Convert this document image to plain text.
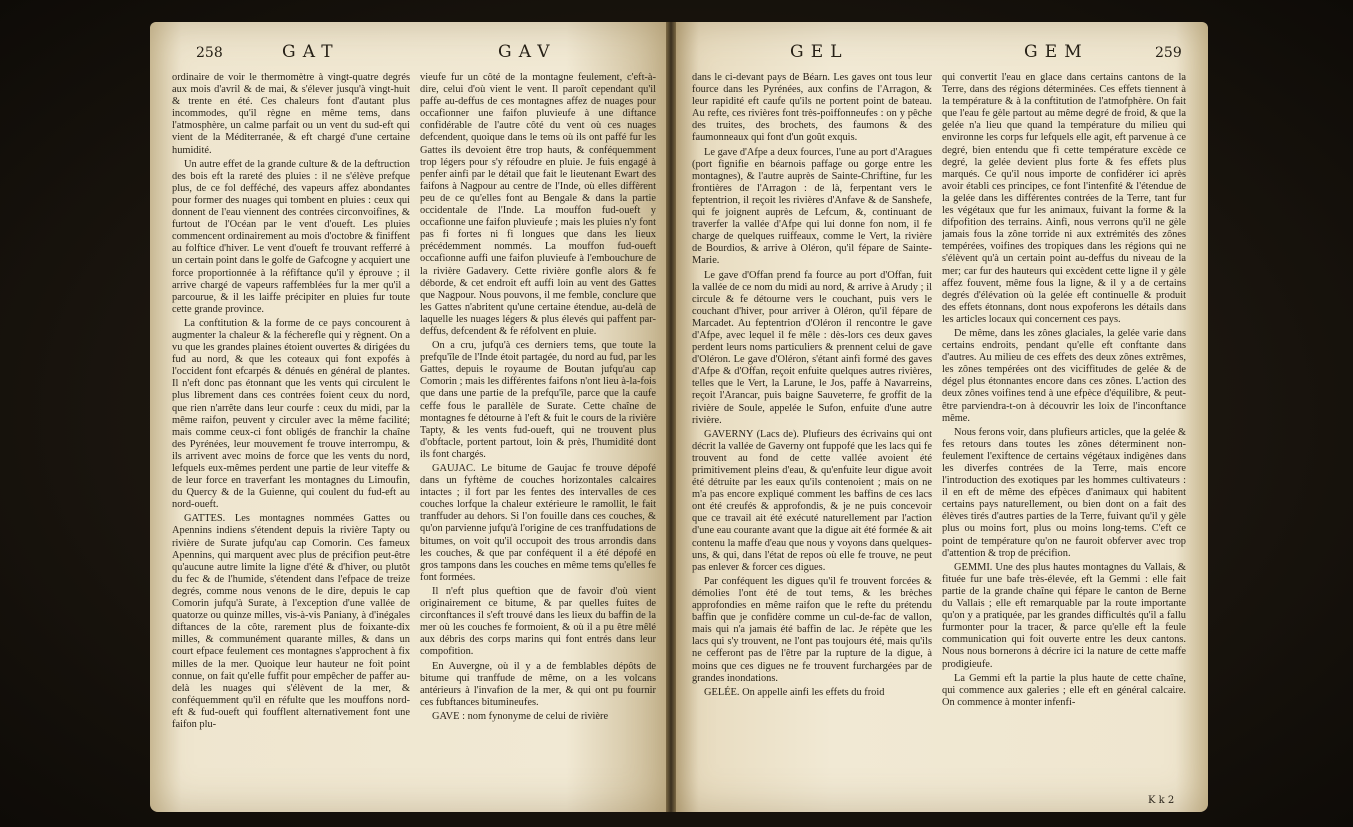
258	GAT	GAV	GEL	GEM	259

ordinaire de voir le thermomètre à vingt-quatre degrés aux mois d'avril & de mai, & s'élever jusqu'à vingt-huit & trente en été. Ces chaleurs font d'autant plus incommodes, qu'il règne en même tems, dans l'atmosphère, un calme parfait ou un vent du sud-eft qui vient de la Méditerranée, & eft chargé d'une certaine humidité.

Un autre effet de la grande culture & de la deftruction des bois eft la rareté des pluies : il ne s'élève prefque plus, de ce fol defféché, des vapeurs affez abondantes pour former des nuages qui tombent en pluies : ceux qui donnent de l'eau viennent des contrées circonvoifines, & furtout de l'Océan par le vent d'oueft. Les pluies commencent ordinairement au mois d'octobre & finiffent au folftice d'hiver. Le vent d'oueft fe trouvant refferré à un certain point dans le golfe de Gafcogne y acquiert une force proportionnée à la réfiftance qu'il y éprouve ; il arrive chargé de vapeurs raffemblées fur la mer qu'il a parcourue, & il les laiffe précipiter en pluies fur toute cette grande province.

La conftitution & la forme de ce pays concourent à augmenter la chaleur & la fécherefle qui y règnent. On a vu que les grandes plaines étoient ouvertes & dirigées du fud au nord, & que les coteaux qui font expofés à l'occident font efcarpés & dénués en général de plantes. Il n'eft donc pas étonnant que les vents qui circulent le plus librement dans ces contrées foient ceux du nord, que rien n'arrête dans leur courfe : ceux du midi, par la même raifon, peuvent y circuler avec la même facilité; mais comme ceux-ci font obligés de franchir la chaîne des Pyrénées, leur mouvement fe trouve interrompu, & ils arrivent avec moins de force que les vents du nord, lefquels eux-mêmes perdent une partie de leur viteffe & de leur force en traverfant les montagnes du Limoufin, du Quercy & de la Guienne, qui coulent du fud-eft au nord-oueft.

GATTES. Les montagnes nommées Gattes ou Apennins indiens s'étendent depuis la rivière Tapty ou rivière de Surate jufqu'au cap Comorin. Ces fameux Apennins, qui marquent avec plus de précifion peut-être qu'aucune autre limite la ligne d'été & d'hiver, ou plutôt du fec & de l'humide, s'étendent dans l'efpace de treize degrés, comme nous venons de le dire, depuis le cap Comorin jufqu'à Surate, à l'exception d'une vallée de quatorze ou quinze milles, vis-à-vis Paniany, à d'inégales diftances de la côte, rarement plus de foixante-dix milles, & communément quarante milles, & dans un court efpace feulement ces montagnes s'approchent à fix milles de la mer. Quoique leur hauteur ne foit point connue, on fait qu'elle fuffit pour empêcher de paffer au-delà les nuages qui s'élèvent de la mer, & conféquemment qu'il en réfulte que les mouffons nord-eft & fud-oueft qui foufflent alternativement font une faifon plu-

vieufe fur un côté de la montagne feulement, c'eft-à-dire, celui d'où vient le vent. Il paroît cependant qu'il paffe au-deffus de ces montagnes affez de nuages pour occafionner une faifon pluvieufe à une diftance confidérable de l'autre côté du vent où ces nuages defcendent, quoique dans le tems où ils ont paffé fur les Gattes ils devoient être trop hauts, & conféquemment trop légers pour s'y réfoudre en pluie. Je fuis engagé à penfer ainfi par le détail que fait le lieutenant Ewart des faifons à Nagpour au centre de l'Inde, où elles diffèrent peu de ce qu'elles font au Bengale & dans la partie occidentale de l'Inde. La mouffon fud-oueft y occafionne une faifon pluvieufe ; mais les pluies n'y font pas fi fortes ni fi longues que dans les lieux précédemment nommés. La mouffon fud-oueft occafionne auffi une faifon pluvieufe à l'embouchure de la rivière Gadavery. Cette rivière gonfle alors & fe déborde, & cet endroit eft auffi loin au vent des Gattes que Nagpour. Nous pouvons, il me femble, conclure que les Gattes n'abritent qu'une certaine étendue, au-delà de laquelle les nuages légers & plus élevés qui paffent par-deffus, defcendent & fe réfolvent en pluie.

On a cru, jufqu'à ces derniers tems, que toute la prefqu'île de l'Inde étoit partagée, du nord au fud, par les Gattes, depuis le royaume de Boutan jufqu'au cap Comorin ; mais les différentes faifons n'ont lieu à-la-fois que dans une partie de la prefqu'île, parce que la caufe ceffe fous le parallèle de Surate. Cette chaîne de montagnes fe détourne à l'eft & fuit le cours de la rivière Tapty, & les vents fud-oueft, qui ne trouvent plus d'obftacle, portent partout, loin & près, l'humidité dont ils font chargés.

GAUJAC. Le bitume de Gaujac fe trouve dépofé dans un fyftème de couches horizontales calcaires intactes ; il fort par les fentes des intervalles de ces couches lorfque la chaleur extérieure le ramollit, le fait tranffuder au dehors. Si l'on fouille dans ces couches, & qu'on parvienne jufqu'à l'origine de ces tranffudations de bitumes, on voit qu'il occupoit des trous arrondis dans les couches, & que par conféquent il a été dépofé en gros tampons dans les couches en même tems qu'elles fe font formées.

Il n'eft plus queftion que de favoir d'où vient originairement ce bitume, & par quelles fuites de circonftances il s'eft trouvé dans les lieux du baffin de la mer où les couches fe formoient, & où il a pu être mêlé aux débris des corps marins qui font entrés dans leur compofition.

En Auvergne, où il y a de femblables dépôts de bitume qui tranffude de même, on a les volcans antérieurs à l'invafion de la mer, & qui ont pu fournir ces fubftances bitumineufes.

GAVE : nom fynonyme de celui de rivière

dans le ci-devant pays de Béarn. Les gaves ont tous leur fource dans les Pyrénées, aux confins de l'Arragon, & leur rapidité eft caufe qu'ils ne portent point de bateau. Au refte, ces rivières font très-poiffonneufes : on y pêche des truites, des brochets, des faumons & des faumonneaux qui font d'un goût exquis.

Le gave d'Afpe a deux fources, l'une au port d'Aragues (port fignifie en béarnois paffage ou gorge entre les montagnes), & l'autre auprès de Sainte-Chriftine, fur les frontières de l'Arragon : de là, ferpentant vers le feptentrion, il reçoit les rivières d'Anfave & de Sanshefe, qui fe joignent auprès de Lefcum, &, continuant de traverfer la vallée d'Afpe qui lui donne fon nom, il fe charge de quelques ruiffeaux, comme le Vert, la rivière de Bourdios, & arrive à Oléron, qu'il fépare de Sainte-Marie.

Le gave d'Offan prend fa fource au port d'Offan, fuit la vallée de ce nom du midi au nord, & arrive à Arudy ; il circule & fe détourne vers le couchant, puis vers le couchant d'hiver, pour arriver à Oléron, qu'il fépare de Marcadet. Au feptentrion d'Oléron il rencontre le gave d'Afpe, avec lequel il fe mêle : dès-lors ces deux gaves perdent leurs noms particuliers & prennent celui de gave d'Oléron. Le gave d'Oléron, s'étant ainfi formé des gaves d'Afpe & d'Offan, reçoit enfuite quelques autres rivières, telles que le Vert, la Larune, le Jos, paffe à Navarreins, reçoit l'Arancar, puis baigne Sauveterre, fe groffit de la rivière de Soule, appelée le Sufon, enfuite d'une autre rivière.

GAVERNY (Lacs de). Plufieurs des écrivains qui ont décrit la vallée de Gaverny ont fuppofé que les lacs qui fe trouvent au fond de cette vallée avoient été primitivement pleins d'eau, & qu'enfuite leur digue avoit été détruite par les eaux qu'ils contenoient ; mais on ne m'a pas encore expliqué comment les baffins de ces lacs ont été creufés & approfondis, & je ne puis concevoir que ce travail ait été exécuté naturellement par l'action d'une eau courante avant que la digue ait été formée & ait contenu la maffe d'eau que nous y voyons dans quelques-uns, & qui, dans l'état de repos où elle fe trouve, ne peut pas enlever & forcer ces digues.

Par conféquent les digues qu'il fe trouvent forcées & démolies l'ont été de tout tems, & les brèches approfondies en même raifon que le refte du prétendu baffin que je confidère comme un cul-de-fac de vallon, mais qui n'a jamais été baffin de lac. Je répète que les lacs qui s'y trouvent, ne l'ont pas toujours été, mais qu'ils ne cefferont pas de l'être par la rupture de la digue, à moins que ces digues ne fe trouvent furchargées par de grandes inondations.

GELÉE. On appelle ainfi les effets du froid

qui convertit l'eau en glace dans certains cantons de la Terre, dans des régions déterminées. Ces effets tiennent à la température & à la conftitution de l'atmofphère. On fait que l'eau fe gèle partout au même degré de froid, & que la gelée n'a lieu que quand la température du milieu qui environne les corps fur lefquels elle agit, eft parvenue à ce degré, bien entendu que fi cette température excède ce degré, la gelée devient plus forte & fes effets plus marqués. Ce qu'il nous importe de confidérer ici après avoir établi ces principes, ce font l'intenfité & l'étendue de la gelée dans les différentes contrées de la Terre, tant fur les végétaux que fur les animaux, fuivant la forme & la difpofition des terrains. Ainfi, nous verrons qu'il ne gèle jamais fous la zône torride ni aux extrémités des zônes tempérées, voifines des tropiques dans les régions qui ne s'élèvent qu'à un certain point au-deffus du niveau de la mer; car fur des hauteurs qui excèdent cette ligne il y gèle affez fouvent, même fous la ligne, & il y a de certains degrés d'élévation où la gelée eft continuelle & produit des effets étonnans, dont nous expoferons les détails dans les articles locaux qui concernent ces pays.

De même, dans les zônes glaciales, la gelée varie dans certains endroits, pendant qu'elle eft conftante dans d'autres. Au milieu de ces effets des deux zônes extrêmes, les zônes tempérées ont des viciffitudes de gelée & de dégel plus étonnantes encore dans ces zônes. L'action des deux zônes voifines tend à une efpèce d'équilibre, & peut-être parviendra-t-on à découvrir les loix de l'inconftance même.

Nous ferons voir, dans plufieurs articles, que la gelée & fes retours dans toutes les zônes déterminent non-feulement l'exiftence de certains végétaux indigènes dans les diverfes contrées de la Terre, mais encore l'introduction des exotiques par les hommes cultivateurs : il en eft de même des efpèces d'animaux qui habitent certains pays naturellement, ou bien dont on a fait des élèves tirés d'autres parties de la Terre, fuivant qu'il y gèle plus ou moins fort, plus ou moins long-tems. C'eft ce point de température qu'on ne fauroit obferver avec trop d'attention & trop de précifion.

GEMMI. Une des plus hautes montagnes du Vallais, & fituée fur une bafe très-élevée, eft la Gemmi : elle fait partie de la grande chaîne qui fépare le canton de Berne du Vallais ; elle eft remarquable par la route importante qu'on y a pratiquée, par les grandes difficultés qu'il a fallu furmonter pour la tracer, & parce qu'elle eft la feule communication qui foit ouverte entre les deux cantons. Nous nous bornerons à décrire ici la nature de cette maffe prodigieufe.

La Gemmi eft la partie la plus haute de cette chaîne, qui commence aux galeries ; elle eft en général calcaire. On commence à monter infenfi-

K k 2
